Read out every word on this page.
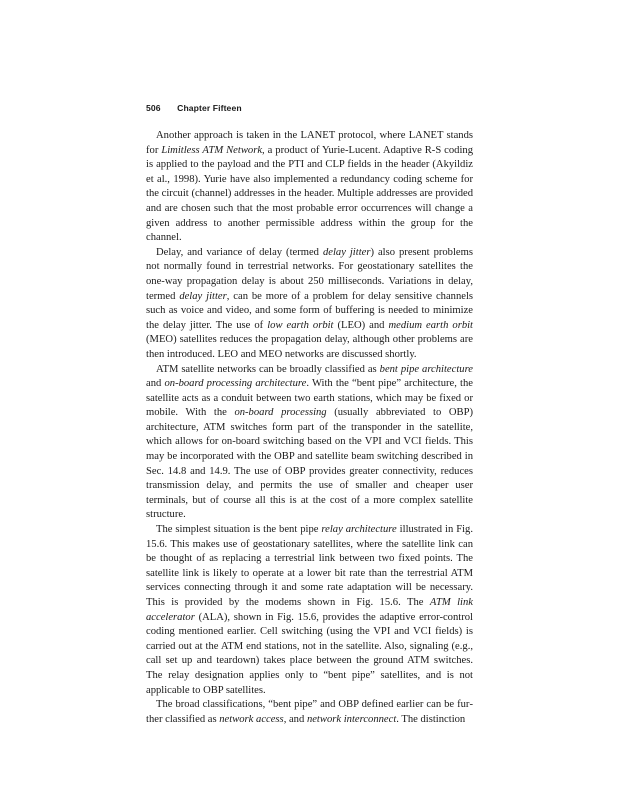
506 Chapter Fifteen

Another approach is taken in the LANET protocol, where LANET stands for Limitless ATM Network, a product of Yurie-Lucent. Adaptive R-S coding is applied to the payload and the PTI and CLP fields in the header (Akyildiz et al., 1998). Yurie have also implemented a redundancy coding scheme for the circuit (channel) addresses in the header. Multiple addresses are provided and are chosen such that the most probable error occurrences will change a given address to another permissible address within the group for the channel.

Delay, and variance of delay (termed delay jitter) also present problems not normally found in terrestrial networks. For geostationary satellites the one-way propagation delay is about 250 milliseconds. Variations in delay, termed delay jitter, can be more of a problem for delay sensitive channels such as voice and video, and some form of buffering is needed to minimize the delay jitter. The use of low earth orbit (LEO) and medium earth orbit (MEO) satellites reduces the propagation delay, although other problems are then introduced. LEO and MEO networks are discussed shortly.

ATM satellite networks can be broadly classified as bent pipe architecture and on-board processing architecture. With the “bent pipe” architecture, the satellite acts as a conduit between two earth stations, which may be fixed or mobile. With the on-board processing (usually abbreviated to OBP) architecture, ATM switches form part of the transponder in the satellite, which allows for on-board switching based on the VPI and VCI fields. This may be incorporated with the OBP and satellite beam switching described in Sec. 14.8 and 14.9. The use of OBP provides greater connectivity, reduces transmission delay, and permits the use of smaller and cheaper user terminals, but of course all this is at the cost of a more complex satellite structure.

The simplest situation is the bent pipe relay architecture illustrated in Fig. 15.6. This makes use of geostationary satellites, where the satellite link can be thought of as replacing a terrestrial link between two fixed points. The satellite link is likely to operate at a lower bit rate than the terrestrial ATM services connecting through it and some rate adaptation will be necessary. This is provided by the modems shown in Fig. 15.6. The ATM link accelerator (ALA), shown in Fig. 15.6, provides the adaptive error-control coding mentioned earlier. Cell switching (using the VPI and VCI fields) is carried out at the ATM end stations, not in the satellite. Also, signaling (e.g., call set up and teardown) takes place between the ground ATM switches. The relay designation applies only to “bent pipe” satellites, and is not applicable to OBP satellites.

The broad classifications, “bent pipe” and OBP defined earlier can be further classified as network access, and network interconnect. The distinction
